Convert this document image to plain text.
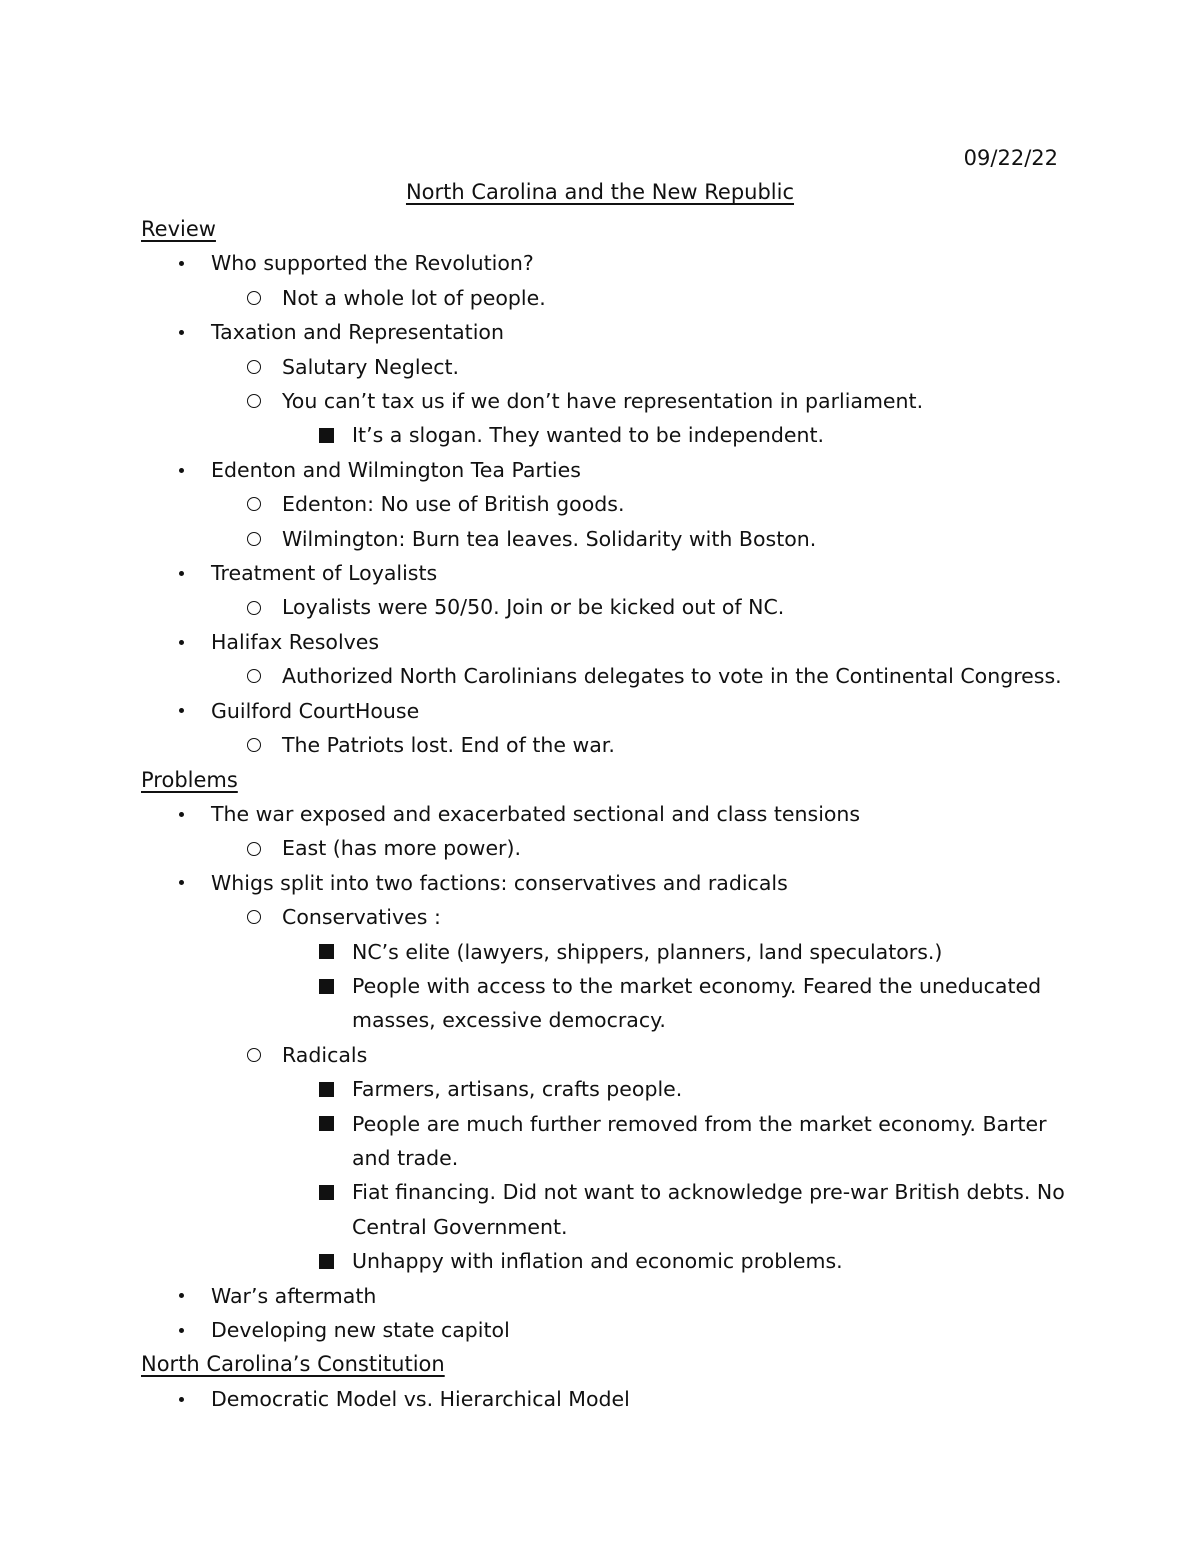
09/22/22
North Carolina and the New Republic
Review
Who supported the Revolution?
Not a whole lot of people.
Taxation and Representation
Salutary Neglect.
You can’t tax us if we don’t have representation in parliament.
It’s a slogan. They wanted to be independent.
Edenton and Wilmington Tea Parties
Edenton: No use of British goods.
Wilmington: Burn tea leaves. Solidarity with Boston.
Treatment of Loyalists
Loyalists were 50/50. Join or be kicked out of NC.
Halifax Resolves
Authorized North Carolinians delegates to vote in the Continental Congress.
Guilford CourtHouse
The Patriots lost. End of the war.
Problems
The war exposed and exacerbated sectional and class tensions
East (has more power).
Whigs split into two factions: conservatives and radicals
Conservatives :
NC’s elite (lawyers, shippers, planners, land speculators.)
People with access to the market economy. Feared the uneducated masses, excessive democracy.
Radicals
Farmers, artisans, crafts people.
People are much further removed from the market economy. Barter and trade.
Fiat financing. Did not want to acknowledge pre-war British debts. No Central Government.
Unhappy with inflation and economic problems.
War’s aftermath
Developing new state capitol
North Carolina’s Constitution
Democratic Model vs. Hierarchical Model
